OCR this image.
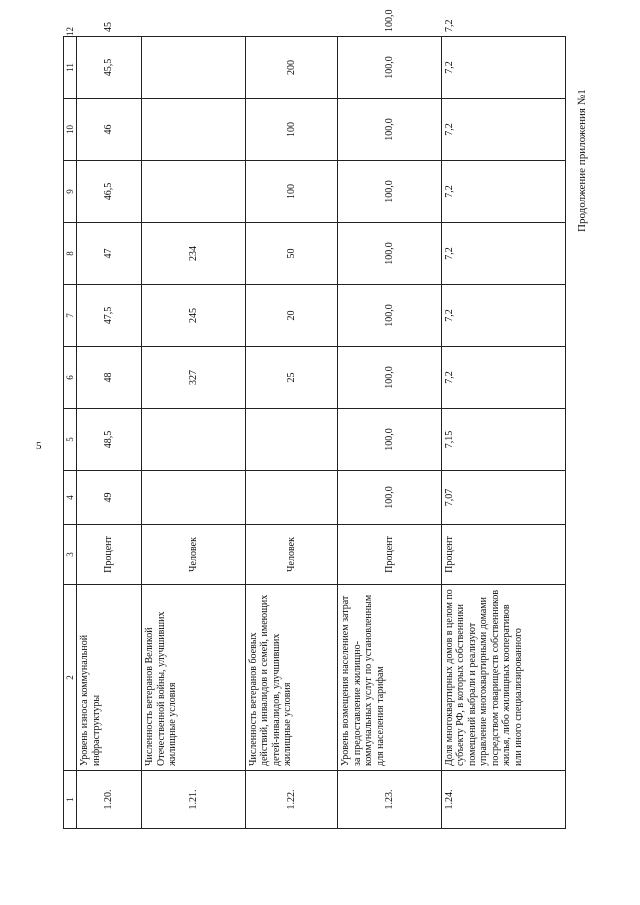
5
Продолжение приложения №1
1	2	3	4	5	6	7	8	9	10	11	12
1.20.	Уровень износа коммунальной инфраструктуры	Процент	49	48,5	48	47,5	47	46,5	46	45,5	45
1.21.	Численность ветеранов Великой Отечественной войны, улучшивших жилищные условия	Человек			327	245	234				
1.22.	Численность ветеранов боевых действий, инвалидов и семей, имеющих детей-инвалидов, улучшивших жилищные условия	Человек			25	20	50	100	100	200	
1.23.	Уровень возмещения населением затрат за предоставление жилищно-коммунальных услуг по установленным для населения тарифам	Процент	100,0	100,0	100,0	100,0	100,0	100,0	100,0	100,0	100,0
1.24.	Доля многоквартирных домов в целом по субъекту РФ, в которых собственники помещений выбрали и реализуют управление многоквартирными домами посредством товариществ собственников жилья, либо жилищных кооперативов или иного специализированного	Процент	7,07	7,15	7,2	7,2	7,2	7,2	7,2	7,2	7,2
